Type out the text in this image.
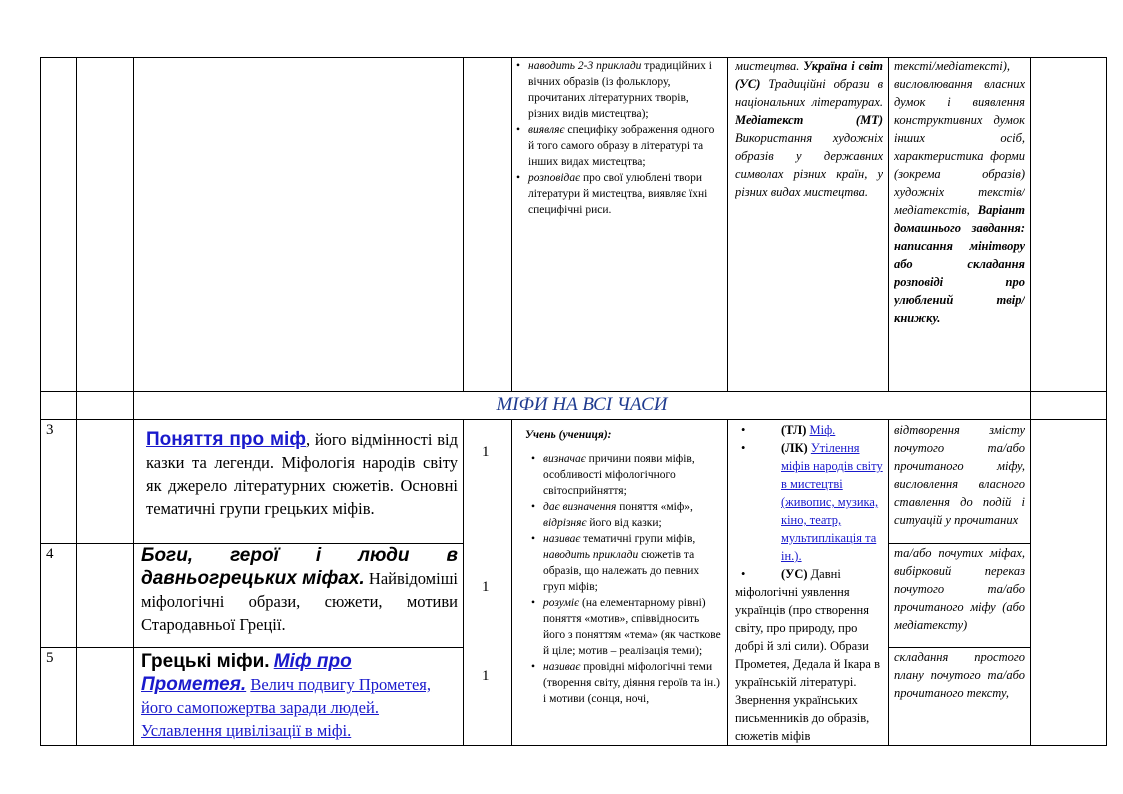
• наводить 2-3 приклади традиційних і вічних образів (із фольклору, прочитаних літературних творів, різних видів мистецтва);
• виявляє специфіку зображення одного й того самого образу в літературі та інших видах мистецтва;
• розповідає про свої улюблені твори літератури й мистецтва, виявляє їхні специфічні риси.
мистецтва. Україна і світ (УС) Традиційні образи в національних літературах. Медіатекст (МТ) Використання художніх образів у державних символах різних країн, у різних видах мистецтва.
тексті/медіатексті), висловлювання власних думок і виявлення конструктивних думок інших осіб, характеристика форми (зокрема образів) художніх текстів/медіатекстів, Варіант домашнього завдання: написання мінітвору або складання розповіді про улюблений твір/книжку.
МІФИ НА ВСІ ЧАСИ
3
4
5
Поняття про міф, його відмінності від казки та легенди. Міфологія народів світу як джерело літературних сюжетів. Основні тематичні групи грецьких міфів.
Боги, герої і люди в давньогрецьких міфах. Найвідоміші міфологічні образи, сюжети, мотиви Стародавньої Греції.
Грецькі міфи. Міф про Прометея. Велич подвигу Прометея, його самопожертва заради людей. Уславлення цивілізації в міфі.
1
1
1
Учень (учениця):
• визначає причини появи міфів, особливості міфологічного світосприйняття;
• дає визначення поняття «міф», відрізняє його від казки;
• називає тематичні групи міфів, наводить приклади сюжетів та образів, що належать до певних груп міфів;
• розуміє (на елементарному рівні) поняття «мотив», співвідносить його з поняттям «тема» (як часткове й ціле; мотив – реалізація теми);
• називає провідні міфологічні теми (творення світу, діяння героїв та ін.) і мотиви (сонця, ночі,
• (ТЛ) Міф.
• (ЛК) Утілення міфів народів світу в мистецтві (живопис, музика, кіно, театр, мультиплікація та ін.).
• (УС) Давні
міфологічні уявлення українців (про створення світу, про природу, про добрі й злі сили). Образи Прометея, Дедала й Ікара в українській літературі. Звернення українських письменників до образів, сюжетів міфів
відтворення змісту почутого та/або прочитаного міфу, висловлення власного ставлення до подій і ситуацій у прочитаних
та/або почутих міфах, вибірковий переказ почутого та/або прочитаного міфу (або медіатексту)
складання простого плану почутого та/або прочитаного тексту,
